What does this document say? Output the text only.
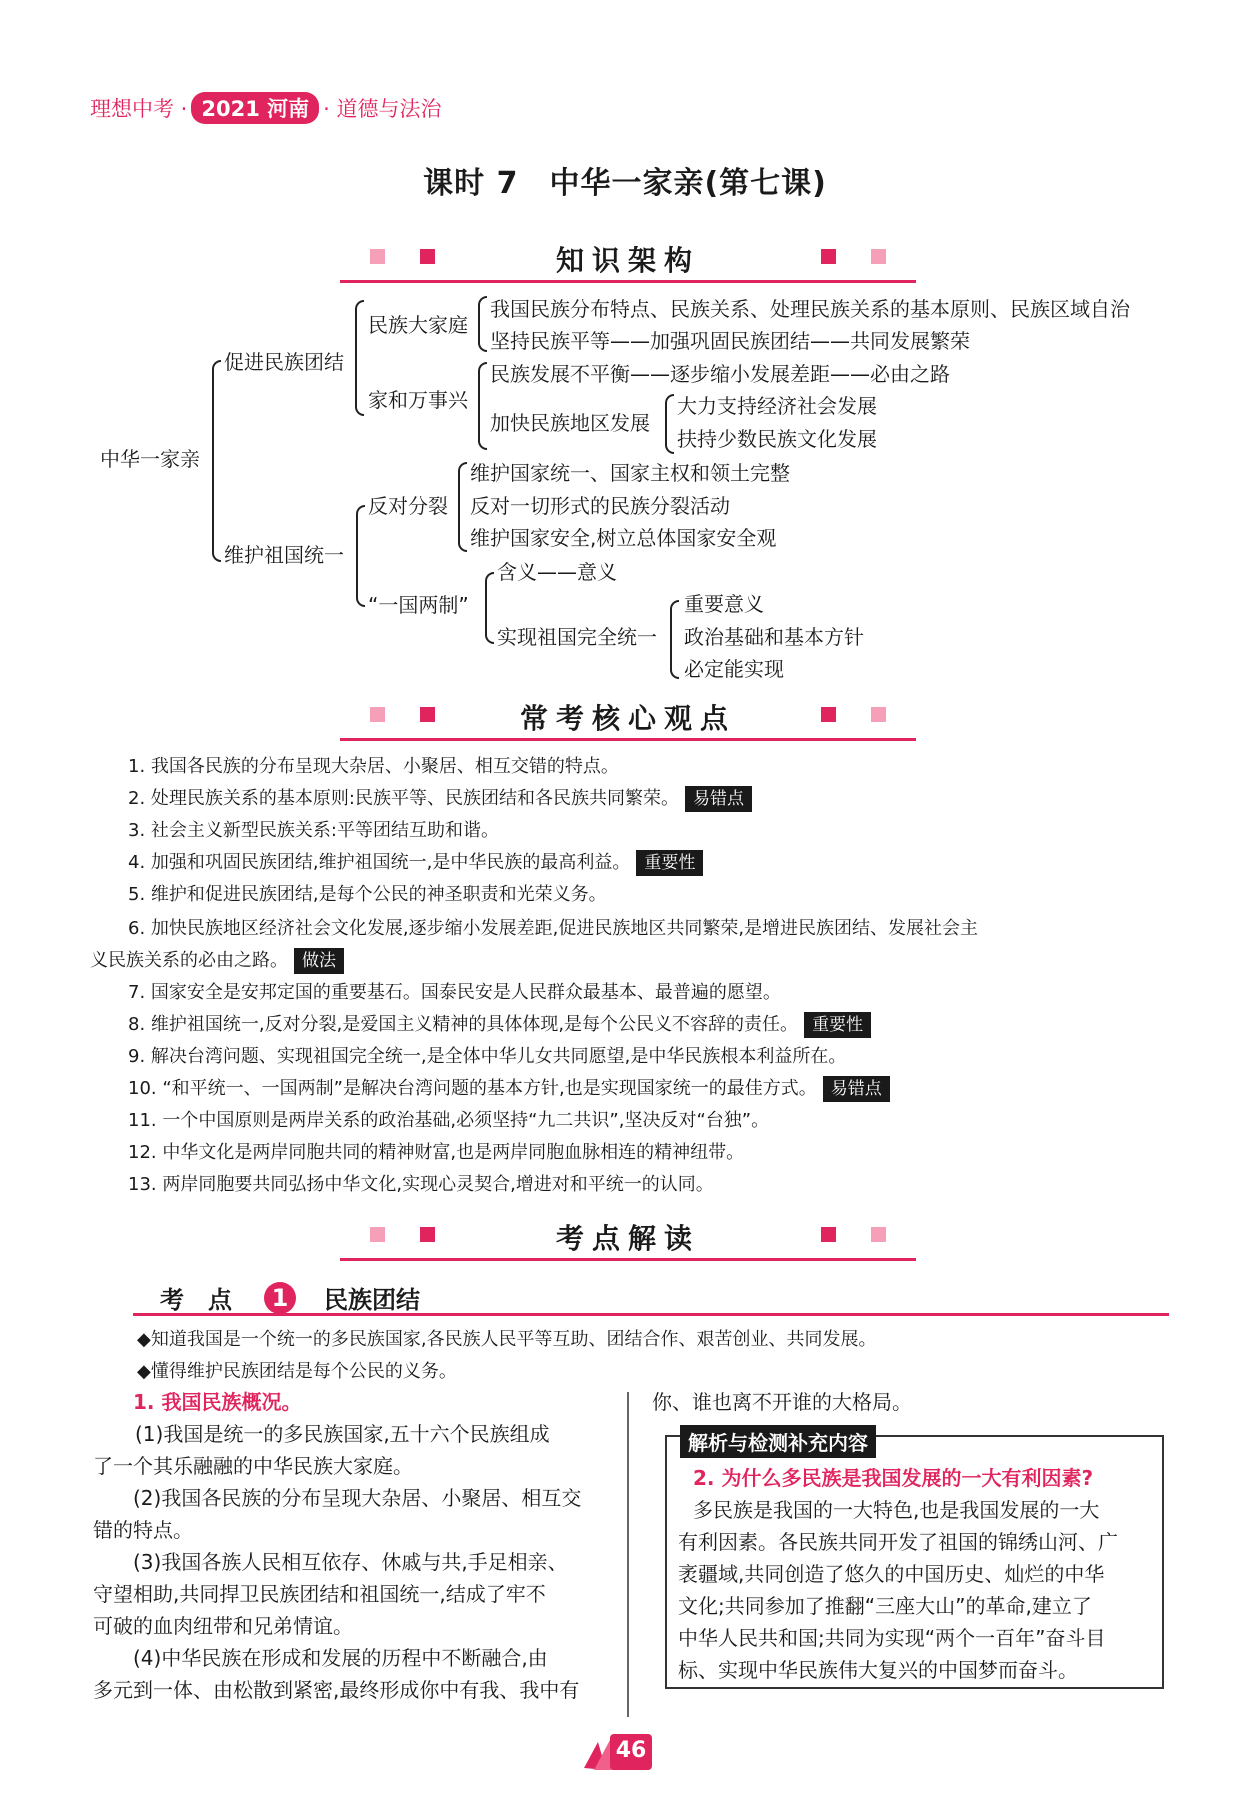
理想中考 · 2021 河南 · 道德与法治
课时 7　中华一家亲(第七课)
知识架构
中华一家亲
促进民族团结
民族大家庭
我国民族分布特点、民族关系、处理民族关系的基本原则、民族区域自治
坚持民族平等——加强巩固民族团结——共同发展繁荣
家和万事兴
民族发展不平衡——逐步缩小发展差距——必由之路
加快民族地区发展
大力支持经济社会发展
扶持少数民族文化发展
维护祖国统一
反对分裂
维护国家统一、国家主权和领土完整
反对一切形式的民族分裂活动
维护国家安全,树立总体国家安全观
“一国两制”
含义——意义
实现祖国完全统一
重要意义
政治基础和基本方针
必定能实现
常考核心观点
1. 我国各民族的分布呈现大杂居、小聚居、相互交错的特点。
2. 处理民族关系的基本原则:民族平等、民族团结和各民族共同繁荣。 易错点
3. 社会主义新型民族关系:平等团结互助和谐。
4. 加强和巩固民族团结,维护祖国统一,是中华民族的最高利益。 重要性
5. 维护和促进民族团结,是每个公民的神圣职责和光荣义务。
6. 加快民族地区经济社会文化发展,逐步缩小发展差距,促进民族地区共同繁荣,是增进民族团结、发展社会主
义民族关系的必由之路。 做法
7. 国家安全是安邦定国的重要基石。国泰民安是人民群众最基本、最普遍的愿望。
8. 维护祖国统一,反对分裂,是爱国主义精神的具体体现,是每个公民义不容辞的责任。 重要性
9. 解决台湾问题、实现祖国完全统一,是全体中华儿女共同愿望,是中华民族根本利益所在。
10. “和平统一、一国两制”是解决台湾问题的基本方针,也是实现国家统一的最佳方式。 易错点
11. 一个中国原则是两岸关系的政治基础,必须坚持“九二共识”,坚决反对“台独”。
12. 中华文化是两岸同胞共同的精神财富,也是两岸同胞血脉相连的精神纽带。
13. 两岸同胞要共同弘扬中华文化,实现心灵契合,增进对和平统一的认同。
考点解读
考　点	1	民族团结
◆知道我国是一个统一的多民族国家,各民族人民平等互助、团结合作、艰苦创业、共同发展。
◆懂得维护民族团结是每个公民的义务。

1. 我国民族概况。

(1)我国是统一的多民族国家,五十六个民族组成

了一个其乐融融的中华民族大家庭。

(2)我国各民族的分布呈现大杂居、小聚居、相互交

错的特点。

(3)我国各族人民相互依存、休戚与共,手足相亲、

守望相助,共同捍卫民族团结和祖国统一,结成了牢不

可破的血肉纽带和兄弟情谊。

(4)中华民族在形成和发展的历程中不断融合,由

多元到一体、由松散到紧密,最终形成你中有我、我中有

你、谁也离不开谁的大格局。
解析与检测补充内容

2. 为什么多民族是我国发展的一大有利因素?

多民族是我国的一大特色,也是我国发展的一大

有利因素。各民族共同开发了祖国的锦绣山河、广

袤疆域,共同创造了悠久的中国历史、灿烂的中华

文化;共同参加了推翻“三座大山”的革命,建立了

中华人民共和国;共同为实现“两个一百年”奋斗目

标、实现中华民族伟大复兴的中国梦而奋斗。

46
